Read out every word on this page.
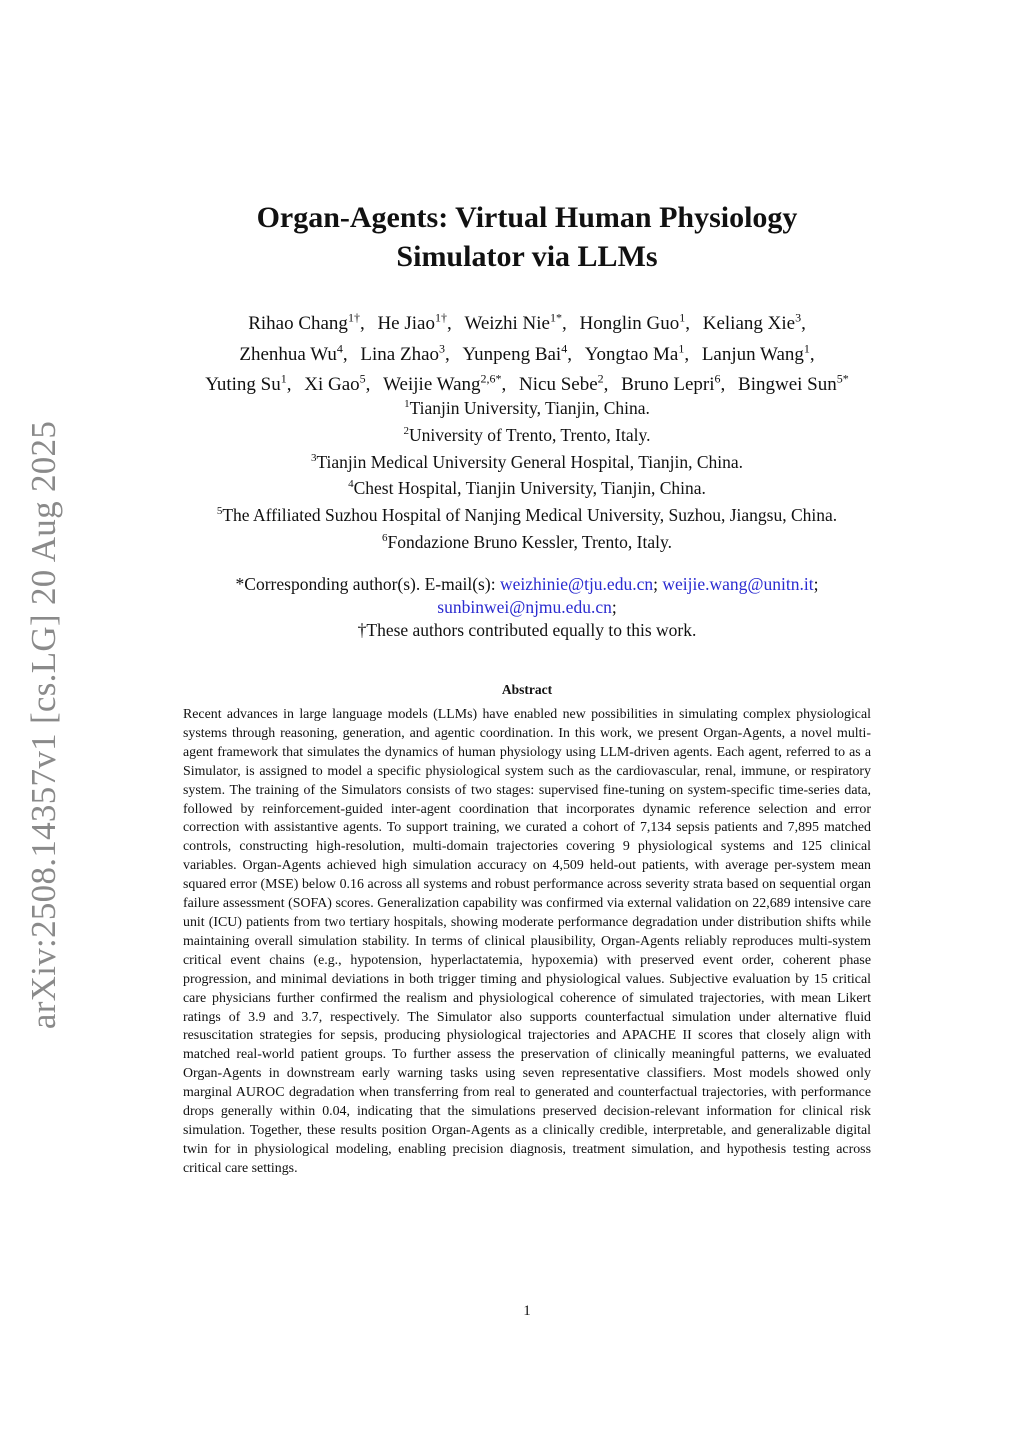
arXiv:2508.14357v1 [cs.LG] 20 Aug 2025
Organ-Agents: Virtual Human Physiology
Simulator via LLMs
Rihao Chang$^{1\dagger}$, He Jiao$^{1\dagger}$, Weizhi Nie$^{1*}$, Honglin Guo$^1$, Keliang Xie$^3$,
Zhenhua Wu$^4$, Lina Zhao$^3$, Yunpeng Bai$^4$, Yongtao Ma$^1$, Lanjun Wang$^1$,
Yuting Su$^1$, Xi Gao$^5$, Weijie Wang$^{2,6*}$, Nicu Sebe$^2$, Bruno Lepri$^6$, Bingwei Sun$^{5*}$
$^1$Tianjin University, Tianjin, China.
$^2$University of Trento, Trento, Italy.
$^3$Tianjin Medical University General Hospital, Tianjin, China.
$^4$Chest Hospital, Tianjin University, Tianjin, China.
$^5$The Affiliated Suzhou Hospital of Nanjing Medical University, Suzhou, Jiangsu, China.
$^6$Fondazione Bruno Kessler, Trento, Italy.
*Corresponding author(s). E-mail(s): weizhinie@tju.edu.cn; weijie.wang@unitn.it;
sunbinwei@njmu.edu.cn;
†These authors contributed equally to this work.
Abstract
Recent advances in large language models (LLMs) have enabled new possibilities in simulating complex physiological systems through reasoning, generation, and agentic coordination. In this work, we present Organ-Agents, a novel multi-agent framework that simulates the dynamics of human physiology using LLM-driven agents. Each agent, referred to as a Simulator, is assigned to model a specific physiological system such as the cardiovascular, renal, immune, or respiratory system. The training of the Simulators consists of two stages: supervised fine-tuning on system-specific time-series data, followed by reinforcement-guided inter-agent coordination that incorporates dynamic reference selection and error correction with assistantive agents. To support training, we curated a cohort of 7,134 sepsis patients and 7,895 matched controls, constructing high-resolution, multi-domain trajectories covering 9 physiological systems and 125 clinical variables. Organ-Agents achieved high simulation accuracy on 4,509 held-out patients, with average per-system mean squared error (MSE) below 0.16 across all systems and robust performance across severity strata based on sequential organ failure assessment (SOFA) scores. Generalization capability was confirmed via external validation on 22,689 intensive care unit (ICU) patients from two tertiary hospitals, showing moderate performance degradation under distribution shifts while maintaining overall simulation stability. In terms of clinical plausibility, Organ-Agents reliably reproduces multi-system critical event chains (e.g., hypotension, hyperlactatemia, hypoxemia) with preserved event order, coherent phase progression, and minimal deviations in both trigger timing and physiological values. Subjective evaluation by 15 critical care physicians further confirmed the realism and physiological coherence of simulated trajectories, with mean Likert ratings of 3.9 and 3.7, respectively. The Simulator also supports counterfactual simulation under alternative fluid resuscitation strategies for sepsis, producing physiological trajectories and APACHE II scores that closely align with matched real-world patient groups. To further assess the preservation of clinically meaningful patterns, we evaluated Organ-Agents in downstream early warning tasks using seven representative classifiers. Most models showed only marginal AUROC degradation when transferring from real to generated and counterfactual trajectories, with performance drops generally within 0.04, indicating that the simulations preserved decision-relevant information for clinical risk simulation. Together, these results position Organ-Agents as a clinically credible, interpretable, and generalizable digital twin for in physiological modeling, enabling precision diagnosis, treatment simulation, and hypothesis testing across critical care settings.
1
